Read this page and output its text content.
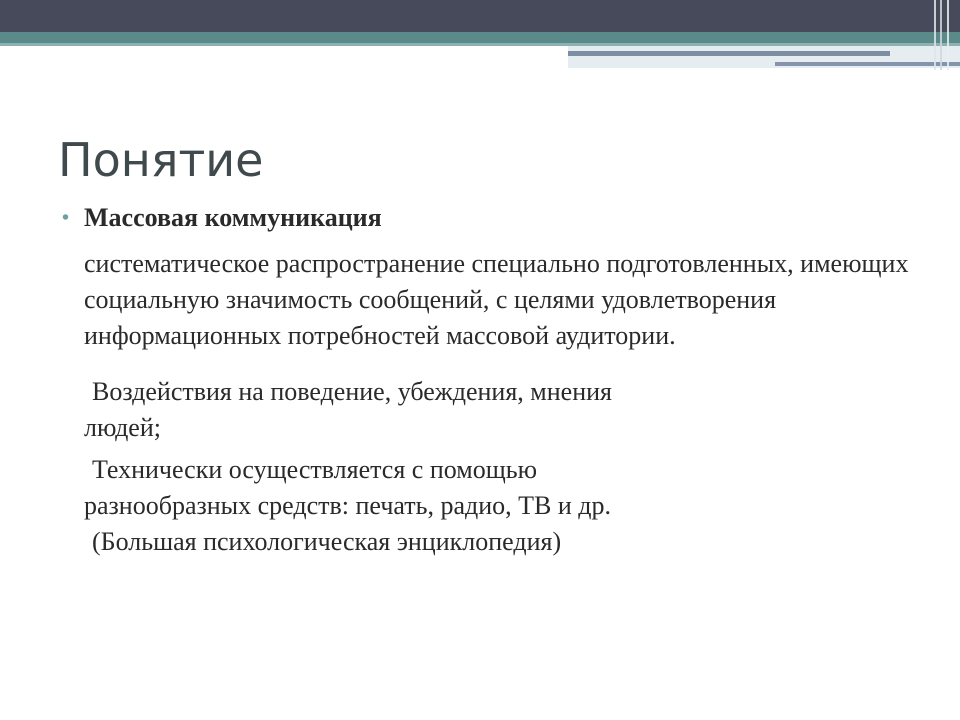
Понятие
• Массовая коммуникация

систематическое распространение специально подготовленных, имеющих социальную значимость сообщений, с целями удовлетворения информационных потребностей массовой аудитории.

Воздействия на поведение, убеждения, мнения
людей;

Технически осуществляется с помощью
разнообразных средств: печать, радио, ТВ и др.

(Большая психологическая энциклопедия)
